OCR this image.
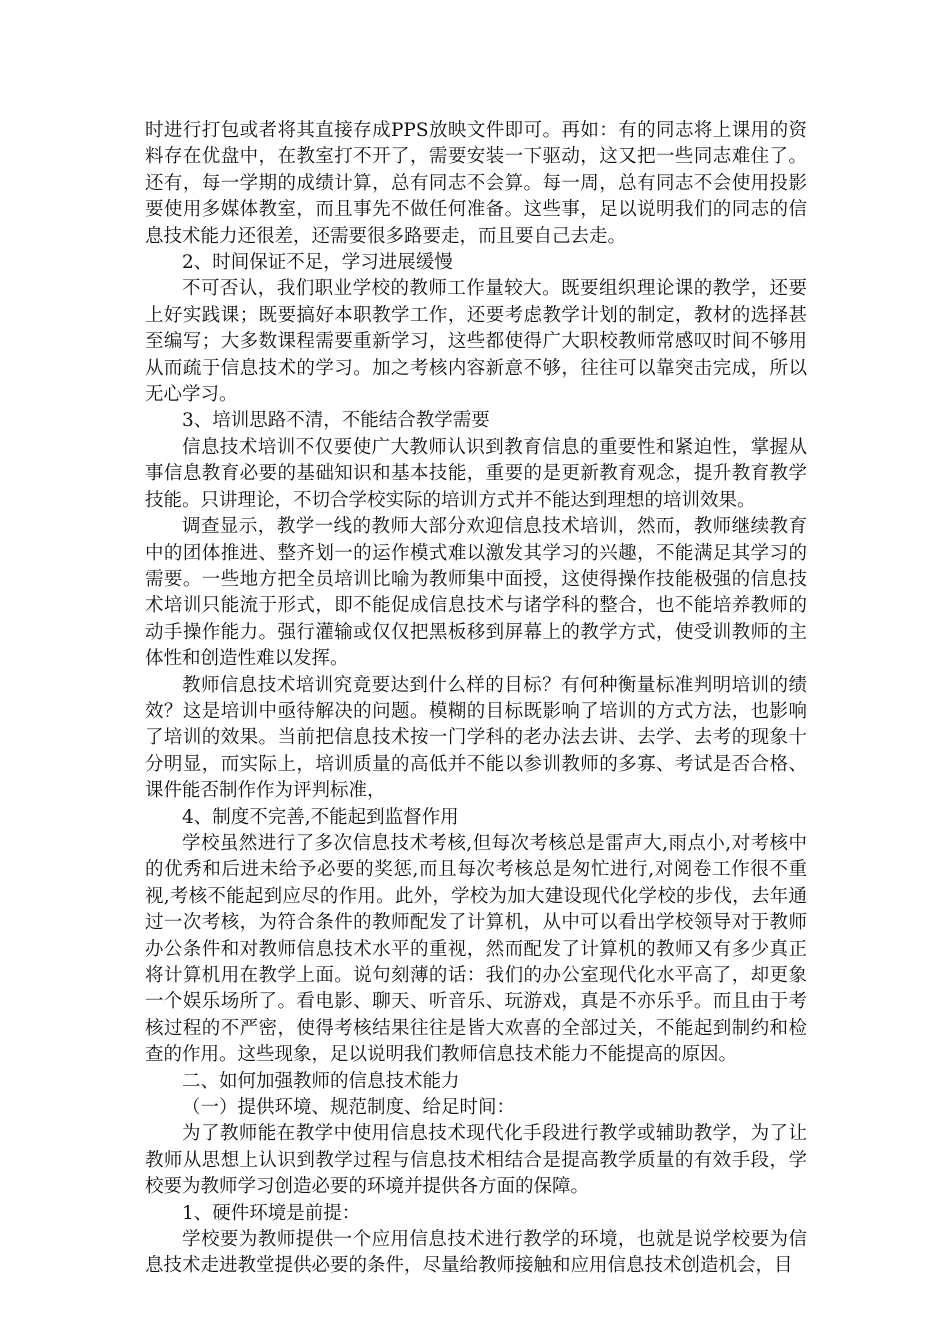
时进行打包或者将其直接存成PPS放映文件即可。再如：有的同志将上课用的资料存在优盘中，在教室打不开了，需要安装一下驱动，这又把一些同志难住了。还有，每一学期的成绩计算，总有同志不会算。每一周，总有同志不会使用投影要使用多媒体教室，而且事先不做任何准备。这些事，足以说明我们的同志的信息技术能力还很差，还需要很多路要走，而且要自己去走。

2、时间保证不足，学习进展缓慢

不可否认，我们职业学校的教师工作量较大。既要组织理论课的教学，还要上好实践课；既要搞好本职教学工作，还要考虑教学计划的制定，教材的选择甚至编写；大多数课程需要重新学习，这些都使得广大职校教师常感叹时间不够用从而疏于信息技术的学习。加之考核内容新意不够，往往可以靠突击完成，所以无心学习。

3、培训思路不清，不能结合教学需要

信息技术培训不仅要使广大教师认识到教育信息的重要性和紧迫性，掌握从事信息教育必要的基础知识和基本技能，重要的是更新教育观念，提升教育教学技能。只讲理论，不切合学校实际的培训方式并不能达到理想的培训效果。

调查显示，教学一线的教师大部分欢迎信息技术培训，然而，教师继续教育中的团体推进、整齐划一的运作模式难以激发其学习的兴趣，不能满足其学习的需要。一些地方把全员培训比喻为教师集中面授，这使得操作技能极强的信息技术培训只能流于形式，即不能促成信息技术与诸学科的整合，也不能培养教师的动手操作能力。强行灌输或仅仅把黑板移到屏幕上的教学方式，使受训教师的主体性和创造性难以发挥。

教师信息技术培训究竟要达到什么样的目标？有何种衡量标准判明培训的绩效？这是培训中亟待解决的问题。模糊的目标既影响了培训的方式方法，也影响了培训的效果。当前把信息技术按一门学科的老办法去讲、去学、去考的现象十分明显，而实际上，培训质量的高低并不能以参训教师的多寡、考试是否合格、课件能否制作作为评判标准，

4、制度不完善,不能起到监督作用

学校虽然进行了多次信息技术考核,但每次考核总是雷声大,雨点小,对考核中的优秀和后进未给予必要的奖惩,而且每次考核总是匆忙进行,对阅卷工作很不重视,考核不能起到应尽的作用。此外，学校为加大建设现代化学校的步伐，去年通过一次考核，为符合条件的教师配发了计算机，从中可以看出学校领导对于教师办公条件和对教师信息技术水平的重视，然而配发了计算机的教师又有多少真正将计算机用在教学上面。说句刻薄的话：我们的办公室现代化水平高了，却更象一个娱乐场所了。看电影、聊天、听音乐、玩游戏，真是不亦乐乎。而且由于考核过程的不严密，使得考核结果往往是皆大欢喜的全部过关，不能起到制约和检查的作用。这些现象，足以说明我们教师信息技术能力不能提高的原因。

二、如何加强教师的信息技术能力

（一）提供环境、规范制度、给足时间：

为了教师能在教学中使用信息技术现代化手段进行教学或辅助教学，为了让教师从思想上认识到教学过程与信息技术相结合是提高教学质量的有效手段，学校要为教师学习创造必要的环境并提供各方面的保障。

1、硬件环境是前提：

学校要为教师提供一个应用信息技术进行教学的环境，也就是说学校要为信息技术走进教堂提供必要的条件，尽量给教师接触和应用信息技术创造机会，目
